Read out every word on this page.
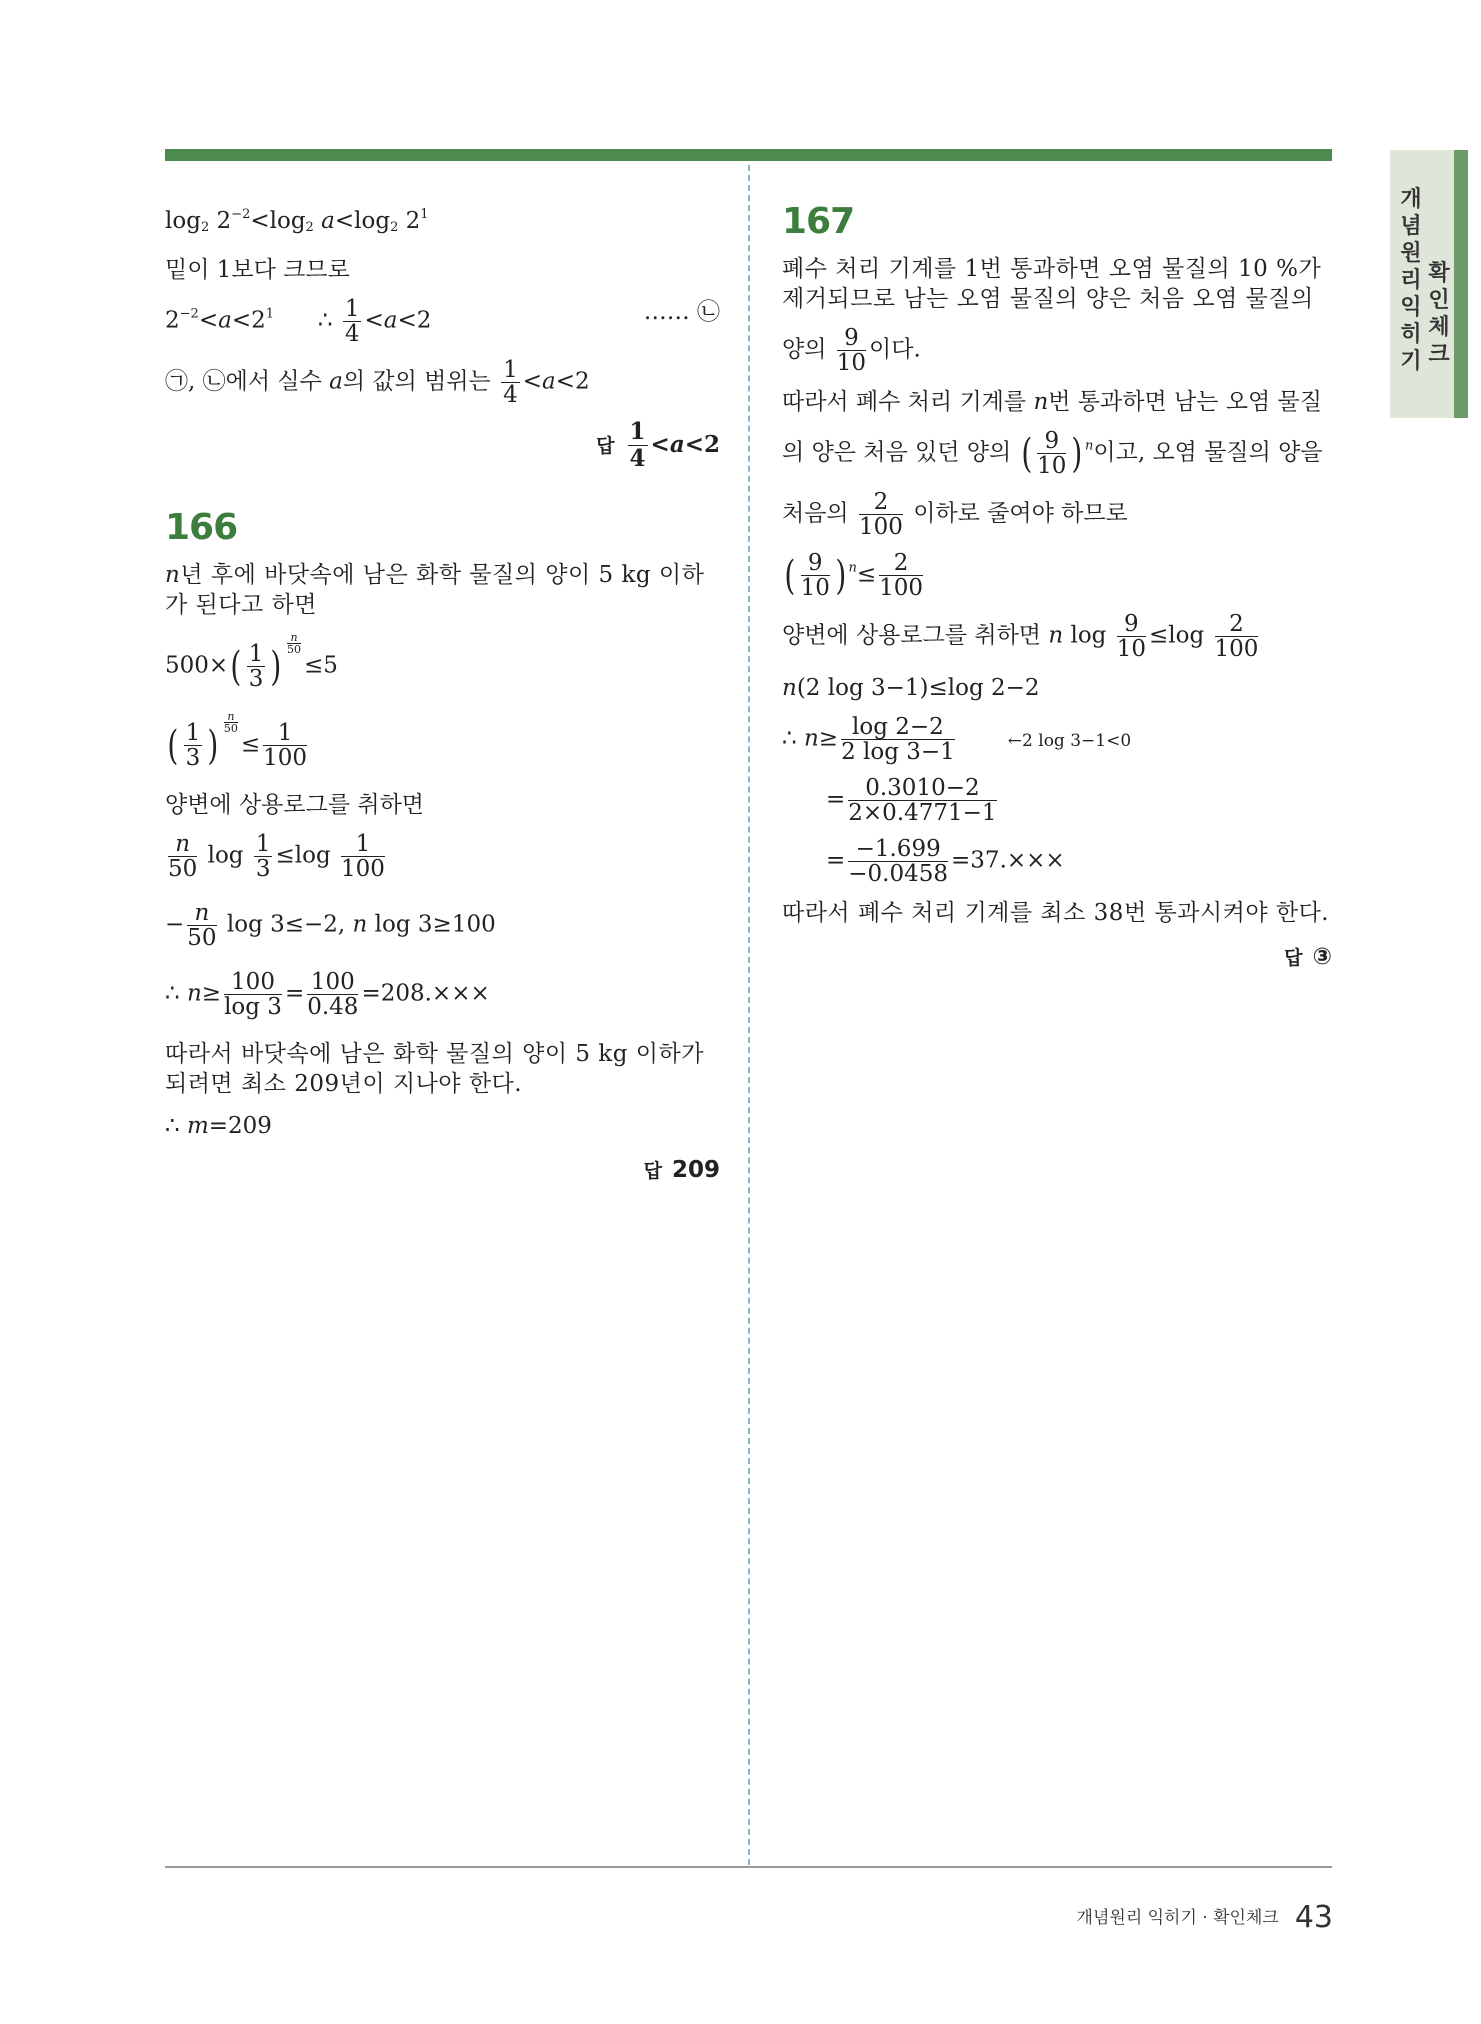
개념원리익히기
확인체크
$\log_2 2^{-2}<\log_2$ $a<\log_2$ $2^1$
밑이 1보다 크므로
$2^{-2}<a<2^1$      ∴ $\frac{1}{4} <a<2$	…… ㉡
㉠, ㉡에서 실수 a의 값의 범위는 $\frac{1}{4} <a<2$
답 $\frac{1}{4} <a<2$
166
n년 후에 바닷속에 남은 화학 물질의 양이 5 kg 이하가 된다고 하면
$500\times( \frac{1}{3}$ ) $\frac{n}{50}$
≤5
( $\frac{1}{3}$ ) $\frac{n}{50}$
≤ $\frac{1}{100}$
양변에 상용로그를 취하면
$\frac{n}{50}$ $\log \frac{1}{3} \le\log \frac{1}{100}$
− $\frac{n}{50}$ log 3≤−2, n log 3≥100
∴ $n\ge \frac{100}{\log 3} = \frac{100}{0.48} =208.\times\times\times$
따라서 바닷속에 남은 화학 물질의 양이 5 kg 이하가 되려면 최소 209년이 지나야 한다.
∴ m=209
답 209
167
폐수 처리 기계를 1번 통과하면 오염 물질의 10 %가 제거되므로 남는 오염 물질의 양은 처음 오염 물질의
양의 $\frac{9}{10}$ 이다.
따라서 폐수 처리 기계를 n번 통과하면 남는 오염 물질
의 양은 처음 있던 양의 ( $\frac{9}{10}$ ) $^n$이고, 오염 물질의 양을
처음의 $\frac{2}{100}$ 이하로 줄여야 하므로
( $\frac{9}{10}$ ) $^n\le \frac{2}{100}$
양변에 상용로그를 취하면 n $\log \frac{9}{10} \le\log \frac{2}{100}$
n(2 log 3−1)≤log 2−2
∴ $n\ge \frac{\log 2-2}{2 \log 3-1}$	←2 log 3−1<0
= $\frac{0.3010-2}{2\times 0.4771-1}$
= $\frac{-1.699}{-0.0458} =37.\times\times\times$
따라서 폐수 처리 기계를 최소 38번 통과시켜야 한다.
답 ③
개념원리 익히기 · 확인체크 43
